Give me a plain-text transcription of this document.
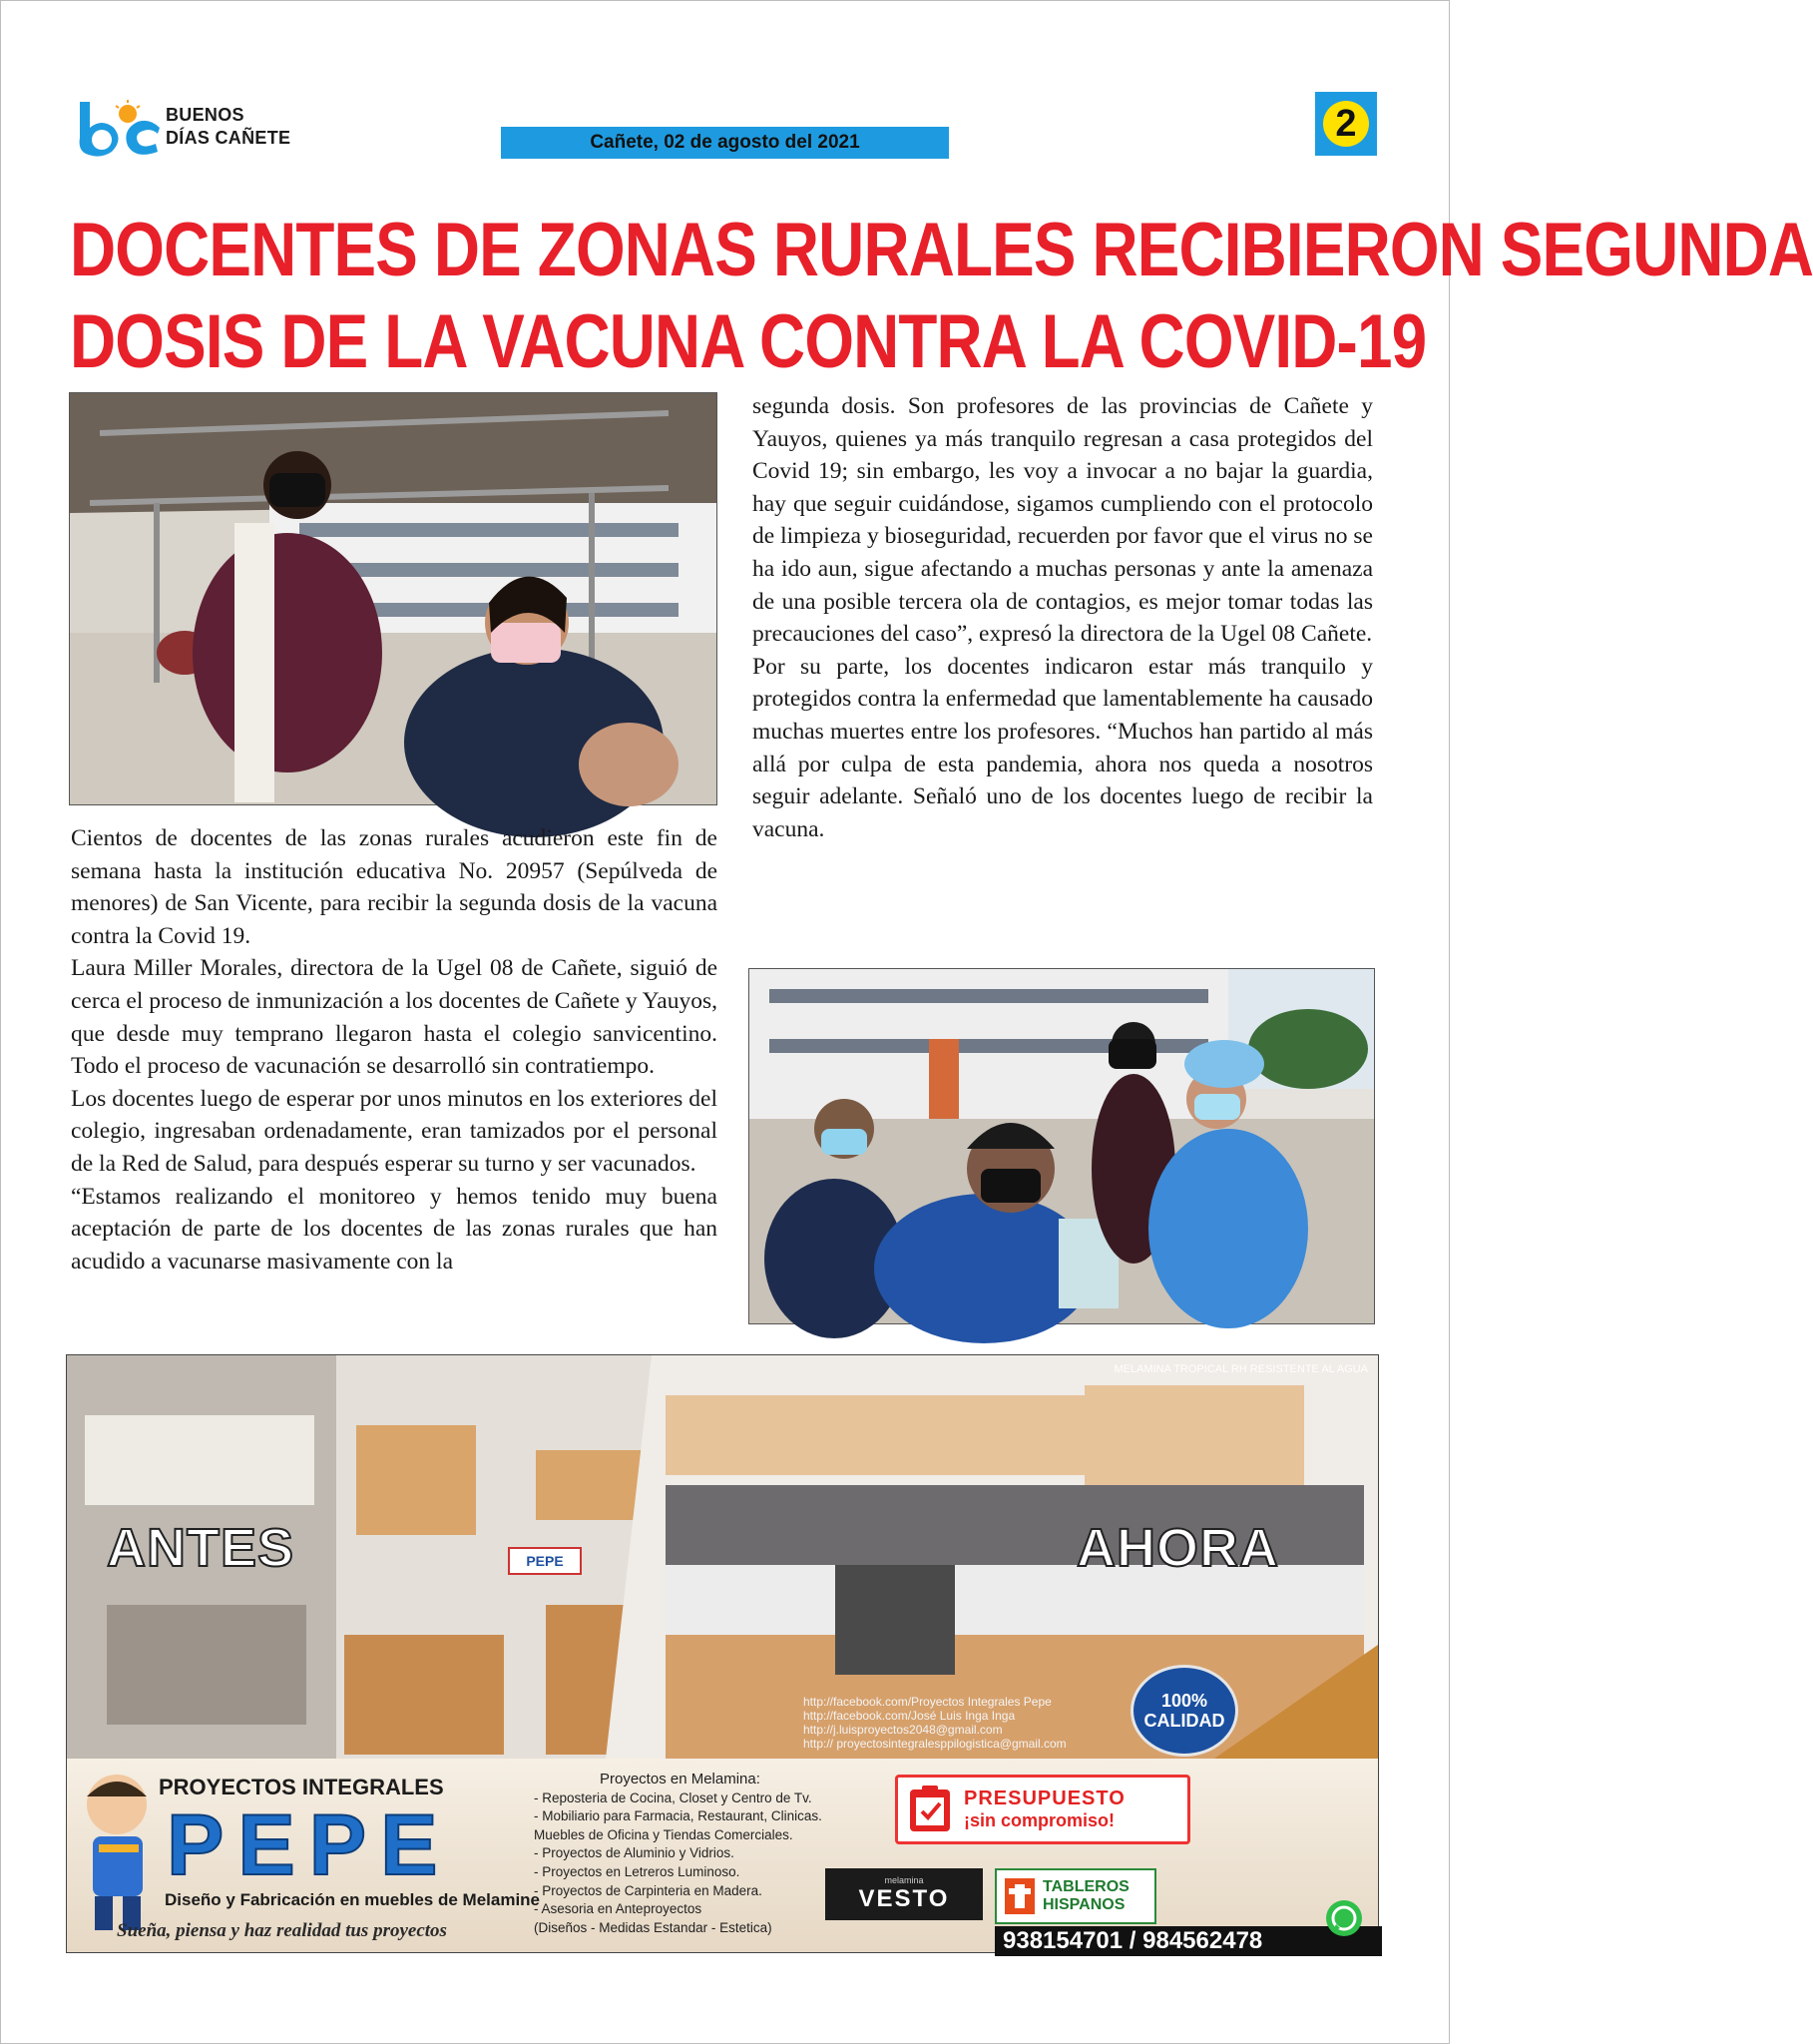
BUENOS
DÍAS CAÑETE	Cañete, 02 de agosto del 2021	2
DOCENTES DE ZONAS RURALES RECIBIERON SEGUNDA
DOSIS DE LA VACUNA CONTRA LA COVID-19

Cientos de docentes de las zonas rurales acudieron este fin de semana hasta la institución educativa No. 20957 (Sepúlveda de menores) de San Vicente, para recibir la segunda dosis de la vacuna contra la Covid 19.

Laura Miller Morales, directora de la Ugel 08 de Cañete, siguió de cerca el proceso de inmunización a los docentes de Cañete y Yauyos, que desde muy temprano llegaron hasta el colegio sanvicentino. Todo el proceso de vacunación se desarrolló sin contratiempo.

Los docentes luego de esperar por unos minutos en los exteriores del colegio, ingresaban ordenadamente, eran tamizados por el personal de la Red de Salud, para después esperar su turno y ser vacunados.

“Estamos realizando el monitoreo y hemos tenido muy buena aceptación de parte de los docentes de las zonas rurales que han acudido a vacunarse masivamente con la

segunda dosis. Son profesores de las provincias de Cañete y Yauyos, quienes ya más tranquilo regresan a casa protegidos del Covid 19; sin embargo, les voy a invocar a no bajar la guardia, hay que seguir cuidándose, sigamos cumpliendo con el protocolo de limpieza y bioseguridad, recuerden por favor que el virus no se ha ido aun, sigue afectando a muchas personas y ante la amenaza de una posible tercera ola de contagios, es mejor tomar todas las precauciones del caso”, expresó la directora de la Ugel 08 Cañete.

Por su parte, los docentes indicaron estar más tranquilo y protegidos contra la enfermedad que lamentablemente ha causado muchas muertes entre los profesores. “Muchos han partido al más allá por culpa de esta pandemia, ahora nos queda a nosotros seguir adelante. Señaló uno de los docentes luego de recibir la vacuna.

ANTES	AHORA
MELAMINA TROPICAL RH RESISTENTE AL AGUA
PEPE
http://facebook.com/Proyectos Integrales Pepe
http://facebook.com/José Luis Inga Inga
http://j.luisproyectos2048@gmail.com
http:// proyectosintegralesppilogistica@gmail.com
100%
CALIDAD
PROYECTOS INTEGRALES
PEPE
Diseño y Fabricación en muebles de Melamine
Sueña, piensa y haz realidad tus proyectos
Proyectos en Melamina:
- Reposteria de Cocina, Closet y Centro de Tv.
- Mobiliario para Farmacia, Restaurant, Clinicas.
Muebles de Oficina y Tiendas Comerciales.
- Proyectos de Aluminio y Vidrios.
- Proyectos en Letreros Luminoso.
- Proyectos de Carpinteria en Madera.
- Asesoria en Anteproyectos
(Diseños - Medidas Estandar - Estetica)
PRESUPUESTO
¡sin compromiso!
melamina
VESTO	TABLEROS HISPANOS
938154701 / 984562478
